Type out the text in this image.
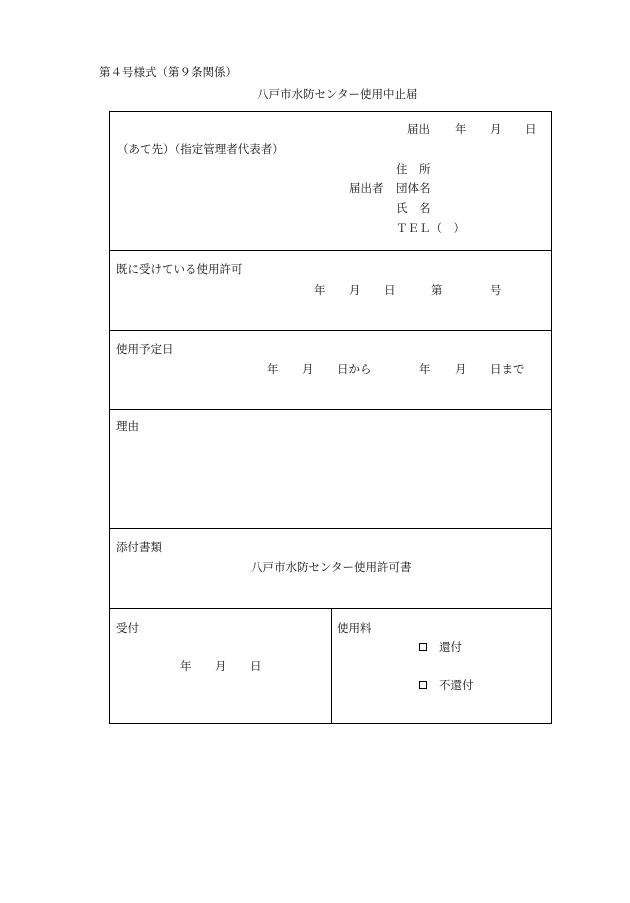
第４号様式（第９条関係）
八戸市水防センター使用中止届
届出 年 月 日
（あて先）（指定管理者代表者）
住　所
届出者 団体名
氏　名
ＴＥＬ（　）
既に受けている使用許可
年 月 日	第	号
使用予定日
年 月 日から	年 月 日まで
理由
添付書類
八戸市水防センター使用許可書
受付
年 月 日
使用料
還付
不還付
